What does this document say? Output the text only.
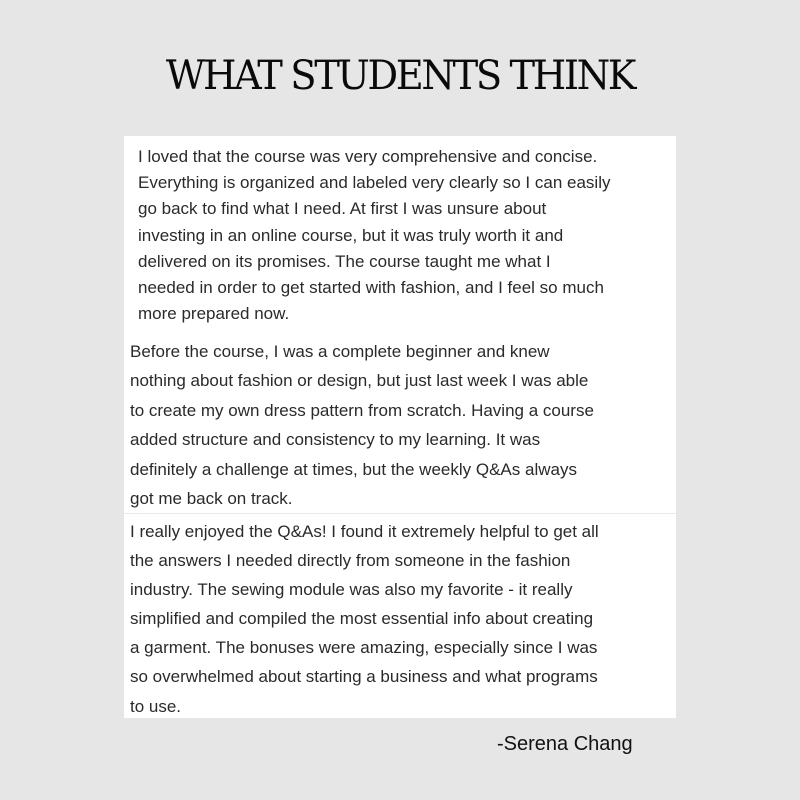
WHAT STUDENTS THINK

I loved that the course was very comprehensive and concise.
Everything is organized and labeled very clearly so I can easily
go back to find what I need. At first I was unsure about
investing in an online course, but it was truly worth it and
delivered on its promises. The course taught me what I
needed in order to get started with fashion, and I feel so much
more prepared now.

Before the course, I was a complete beginner and knew
nothing about fashion or design, but just last week I was able
to create my own dress pattern from scratch. Having a course
added structure and consistency to my learning. It was
definitely a challenge at times, but the weekly Q&As always
got me back on track.

I really enjoyed the Q&As! I found it extremely helpful to get all
the answers I needed directly from someone in the fashion
industry. The sewing module was also my favorite - it really
simplified and compiled the most essential info about creating
a garment. The bonuses were amazing, especially since I was
so overwhelmed about starting a business and what programs
to use.

-Serena Chang
